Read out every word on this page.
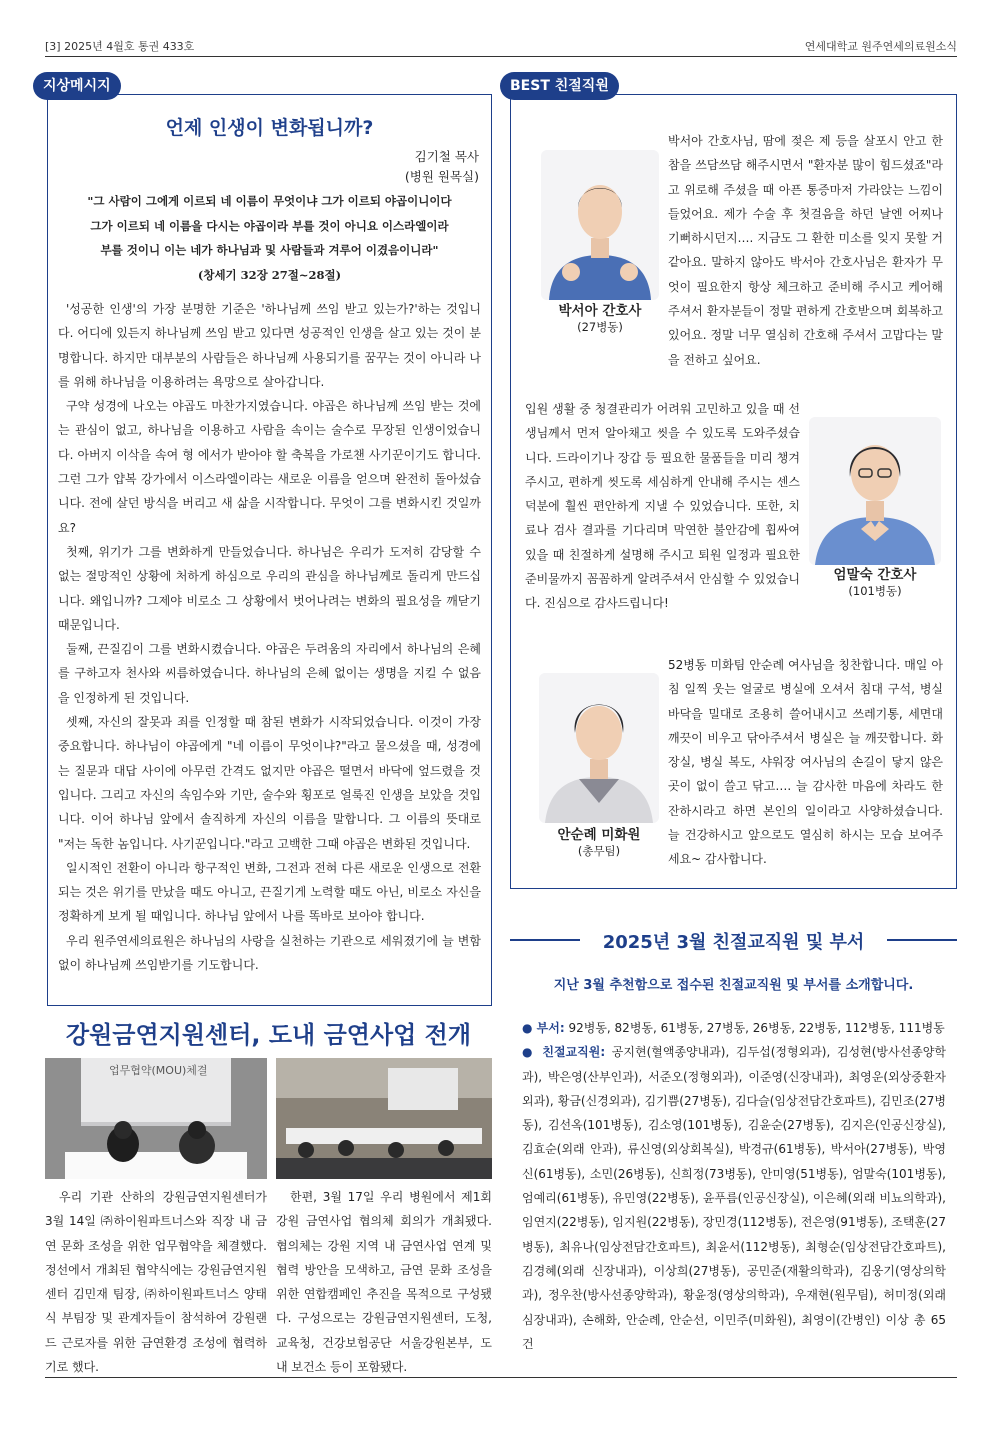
[3] 2025년 4월호 통권 433호	연세대학교 원주연세의료원소식
언제 인생이 변화됩니까?
김기철 목사
(병원 원목실)
"그 사람이 그에게 이르되 네 이름이 무엇이냐 그가 이르되 야곱이니이다
그가 이르되 네 이름을 다시는 야곱이라 부를 것이 아니요 이스라엘이라
부를 것이니 이는 네가 하나님과 및 사람들과 겨루어 이겼음이니라"
(창세기 32장 27절~28절)

'성공한 인생'의 가장 분명한 기준은 '하나님께 쓰임 받고 있는가?'하는 것입니다. 어디에 있든지 하나님께 쓰임 받고 있다면 성공적인 인생을 살고 있는 것이 분명합니다. 하지만 대부분의 사람들은 하나님께 사용되기를 꿈꾸는 것이 아니라 나를 위해 하나님을 이용하려는 욕망으로 살아갑니다.

구약 성경에 나오는 야곱도 마찬가지였습니다. 야곱은 하나님께 쓰임 받는 것에는 관심이 없고, 하나님을 이용하고 사람을 속이는 술수로 무장된 인생이었습니다. 아버지 이삭을 속여 형 에서가 받아야 할 축복을 가로챈 사기꾼이기도 합니다. 그런 그가 얍복 강가에서 이스라엘이라는 새로운 이름을 얻으며 완전히 돌아섰습니다. 전에 살던 방식을 버리고 새 삶을 시작합니다. 무엇이 그를 변화시킨 것일까요?

첫째, 위기가 그를 변화하게 만들었습니다. 하나님은 우리가 도저히 감당할 수 없는 절망적인 상황에 처하게 하심으로 우리의 관심을 하나님께로 돌리게 만드십니다. 왜입니까? 그제야 비로소 그 상황에서 벗어나려는 변화의 필요성을 깨닫기 때문입니다.

둘째, 끈질김이 그를 변화시켰습니다. 야곱은 두려움의 자리에서 하나님의 은혜를 구하고자 천사와 씨름하였습니다. 하나님의 은혜 없이는 생명을 지킬 수 없음을 인정하게 된 것입니다.

셋째, 자신의 잘못과 죄를 인정할 때 참된 변화가 시작되었습니다. 이것이 가장 중요합니다. 하나님이 야곱에게 "네 이름이 무엇이냐?"라고 물으셨을 때, 성경에는 질문과 대답 사이에 아무런 간격도 없지만 야곱은 떨면서 바닥에 엎드렸을 것입니다. 그리고 자신의 속임수와 기만, 술수와 횡포로 얼룩진 인생을 보았을 것입니다. 이어 하나님 앞에서 솔직하게 자신의 이름을 말합니다. 그 이름의 뜻대로 "저는 독한 놈입니다. 사기꾼입니다."라고 고백한 그때 야곱은 변화된 것입니다.

일시적인 전환이 아니라 항구적인 변화, 그전과 전혀 다른 새로운 인생으로 전환되는 것은 위기를 만났을 때도 아니고, 끈질기게 노력할 때도 아닌, 비로소 자신을 정확하게 보게 될 때입니다. 하나님 앞에서 나를 똑바로 보아야 합니다.

우리 원주연세의료원은 하나님의 사랑을 실천하는 기관으로 세워졌기에 늘 변함없이 하나님께 쓰임받기를 기도합니다.

지상메시지
박서아 간호사
(27병동)
박서아 간호사님, 땀에 젖은 제 등을 살포시 안고 한참을 쓰담쓰담 해주시면서 "환자분 많이 힘드셨죠"라고 위로해 주셨을 때 아픈 통증마저 가라앉는 느낌이 들었어요. 제가 수술 후 첫걸음을 하던 날엔 어찌나 기뻐하시던지…. 지금도 그 환한 미소를 잊지 못할 거 같아요. 말하지 않아도 박서아 간호사님은 환자가 무엇이 필요한지 항상 체크하고 준비해 주시고 케어해주셔서 환자분들이 정말 편하게 간호받으며 회복하고 있어요. 정말 너무 열심히 간호해 주셔서 고맙다는 말을 전하고 싶어요.
입원 생활 중 청결관리가 어려워 고민하고 있을 때 선생님께서 먼저 알아채고 씻을 수 있도록 도와주셨습니다. 드라이기나 장갑 등 필요한 물품들을 미리 챙겨주시고, 편하게 씻도록 세심하게 안내해 주시는 센스 덕분에 훨씬 편안하게 지낼 수 있었습니다. 또한, 치료나 검사 결과를 기다리며 막연한 불안감에 휩싸여 있을 때 친절하게 설명해 주시고 퇴원 일정과 필요한 준비물까지 꼼꼼하게 알려주셔서 안심할 수 있었습니다. 진심으로 감사드립니다!
엄말숙 간호사
(101병동)
안순례 미화원
(총무팀)
52병동 미화팀 안순례 여사님을 칭찬합니다. 매일 아침 일찍 웃는 얼굴로 병실에 오셔서 침대 구석, 병실 바닥을 밀대로 조용히 쓸어내시고 쓰레기통, 세면대 깨끗이 비우고 닦아주셔서 병실은 늘 깨끗합니다. 화장실, 병실 복도, 샤워장 여사님의 손길이 닿지 않은 곳이 없이 쓸고 닦고…. 늘 감사한 마음에 차라도 한잔하시라고 하면 본인의 일이라고 사양하셨습니다. 늘 건강하시고 앞으로도 열심히 하시는 모습 보여주세요~ 감사합니다.
BEST 친절직원
강원금연지원센터, 도내 금연사업 전개
업무협약(MOU)체결
우리 기관 산하의 강원금연지원센터가 3월 14일 ㈜하이원파트너스와 직장 내 금연 문화 조성을 위한 업무협약을 체결했다. 정선에서 개최된 협약식에는 강원금연지원센터 김민재 팀장, ㈜하이원파트너스 양태식 부팀장 및 관계자들이 참석하여 강원랜드 근로자를 위한 금연환경 조성에 협력하기로 했다.
한편, 3월 17일 우리 병원에서 제1회 강원 금연사업 협의체 회의가 개최됐다. 협의체는 강원 지역 내 금연사업 연계 및 협력 방안을 모색하고, 금연 문화 조성을 위한 연합캠페인 추진을 목적으로 구성됐다. 구성으로는 강원금연지원센터, 도청, 교육청, 건강보험공단 서울강원본부, 도내 보건소 등이 포함됐다.
2025년 3월 친절교직원 및 부서
지난 3월 추천함으로 접수된 친절교직원 및 부서를 소개합니다.
● 부서: 92병동, 82병동, 61병동, 27병동, 26병동, 22병동, 112병동, 111병동
● 친절교직원: 공지현(혈액종양내과), 김두섭(정형외과), 김성현(방사선종양학과), 박은영(산부인과), 서준오(정형외과), 이준영(신장내과), 최영운(외상중환자외과), 황금(신경외과), 김기쁨(27병동), 김다슬(임상전담간호파트), 김민조(27병동), 김선옥(101병동), 김소영(101병동), 김윤순(27병동), 김지은(인공신장실), 김효순(외래 안과), 류신영(외상회복실), 박경규(61병동), 박서아(27병동), 박영신(61병동), 소민(26병동), 신희정(73병동), 안미영(51병동), 엄말숙(101병동), 엄예리(61병동), 유민영(22병동), 윤푸름(인공신장실), 이은혜(외래 비뇨의학과), 임연지(22병동), 임지원(22병동), 장민경(112병동), 전은영(91병동), 조택훈(27병동), 최유나(임상전담간호파트), 최윤서(112병동), 최형순(임상전담간호파트), 김경혜(외래 신장내과), 이상희(27병동), 공민준(재활의학과), 김웅기(영상의학과), 정우찬(방사선종양학과), 황윤정(영상의학과), 우재현(원무팀), 허미정(외래 심장내과), 손해화, 안순례, 안순선, 이민주(미화원), 최영이(간병인) 이상 총 65건
